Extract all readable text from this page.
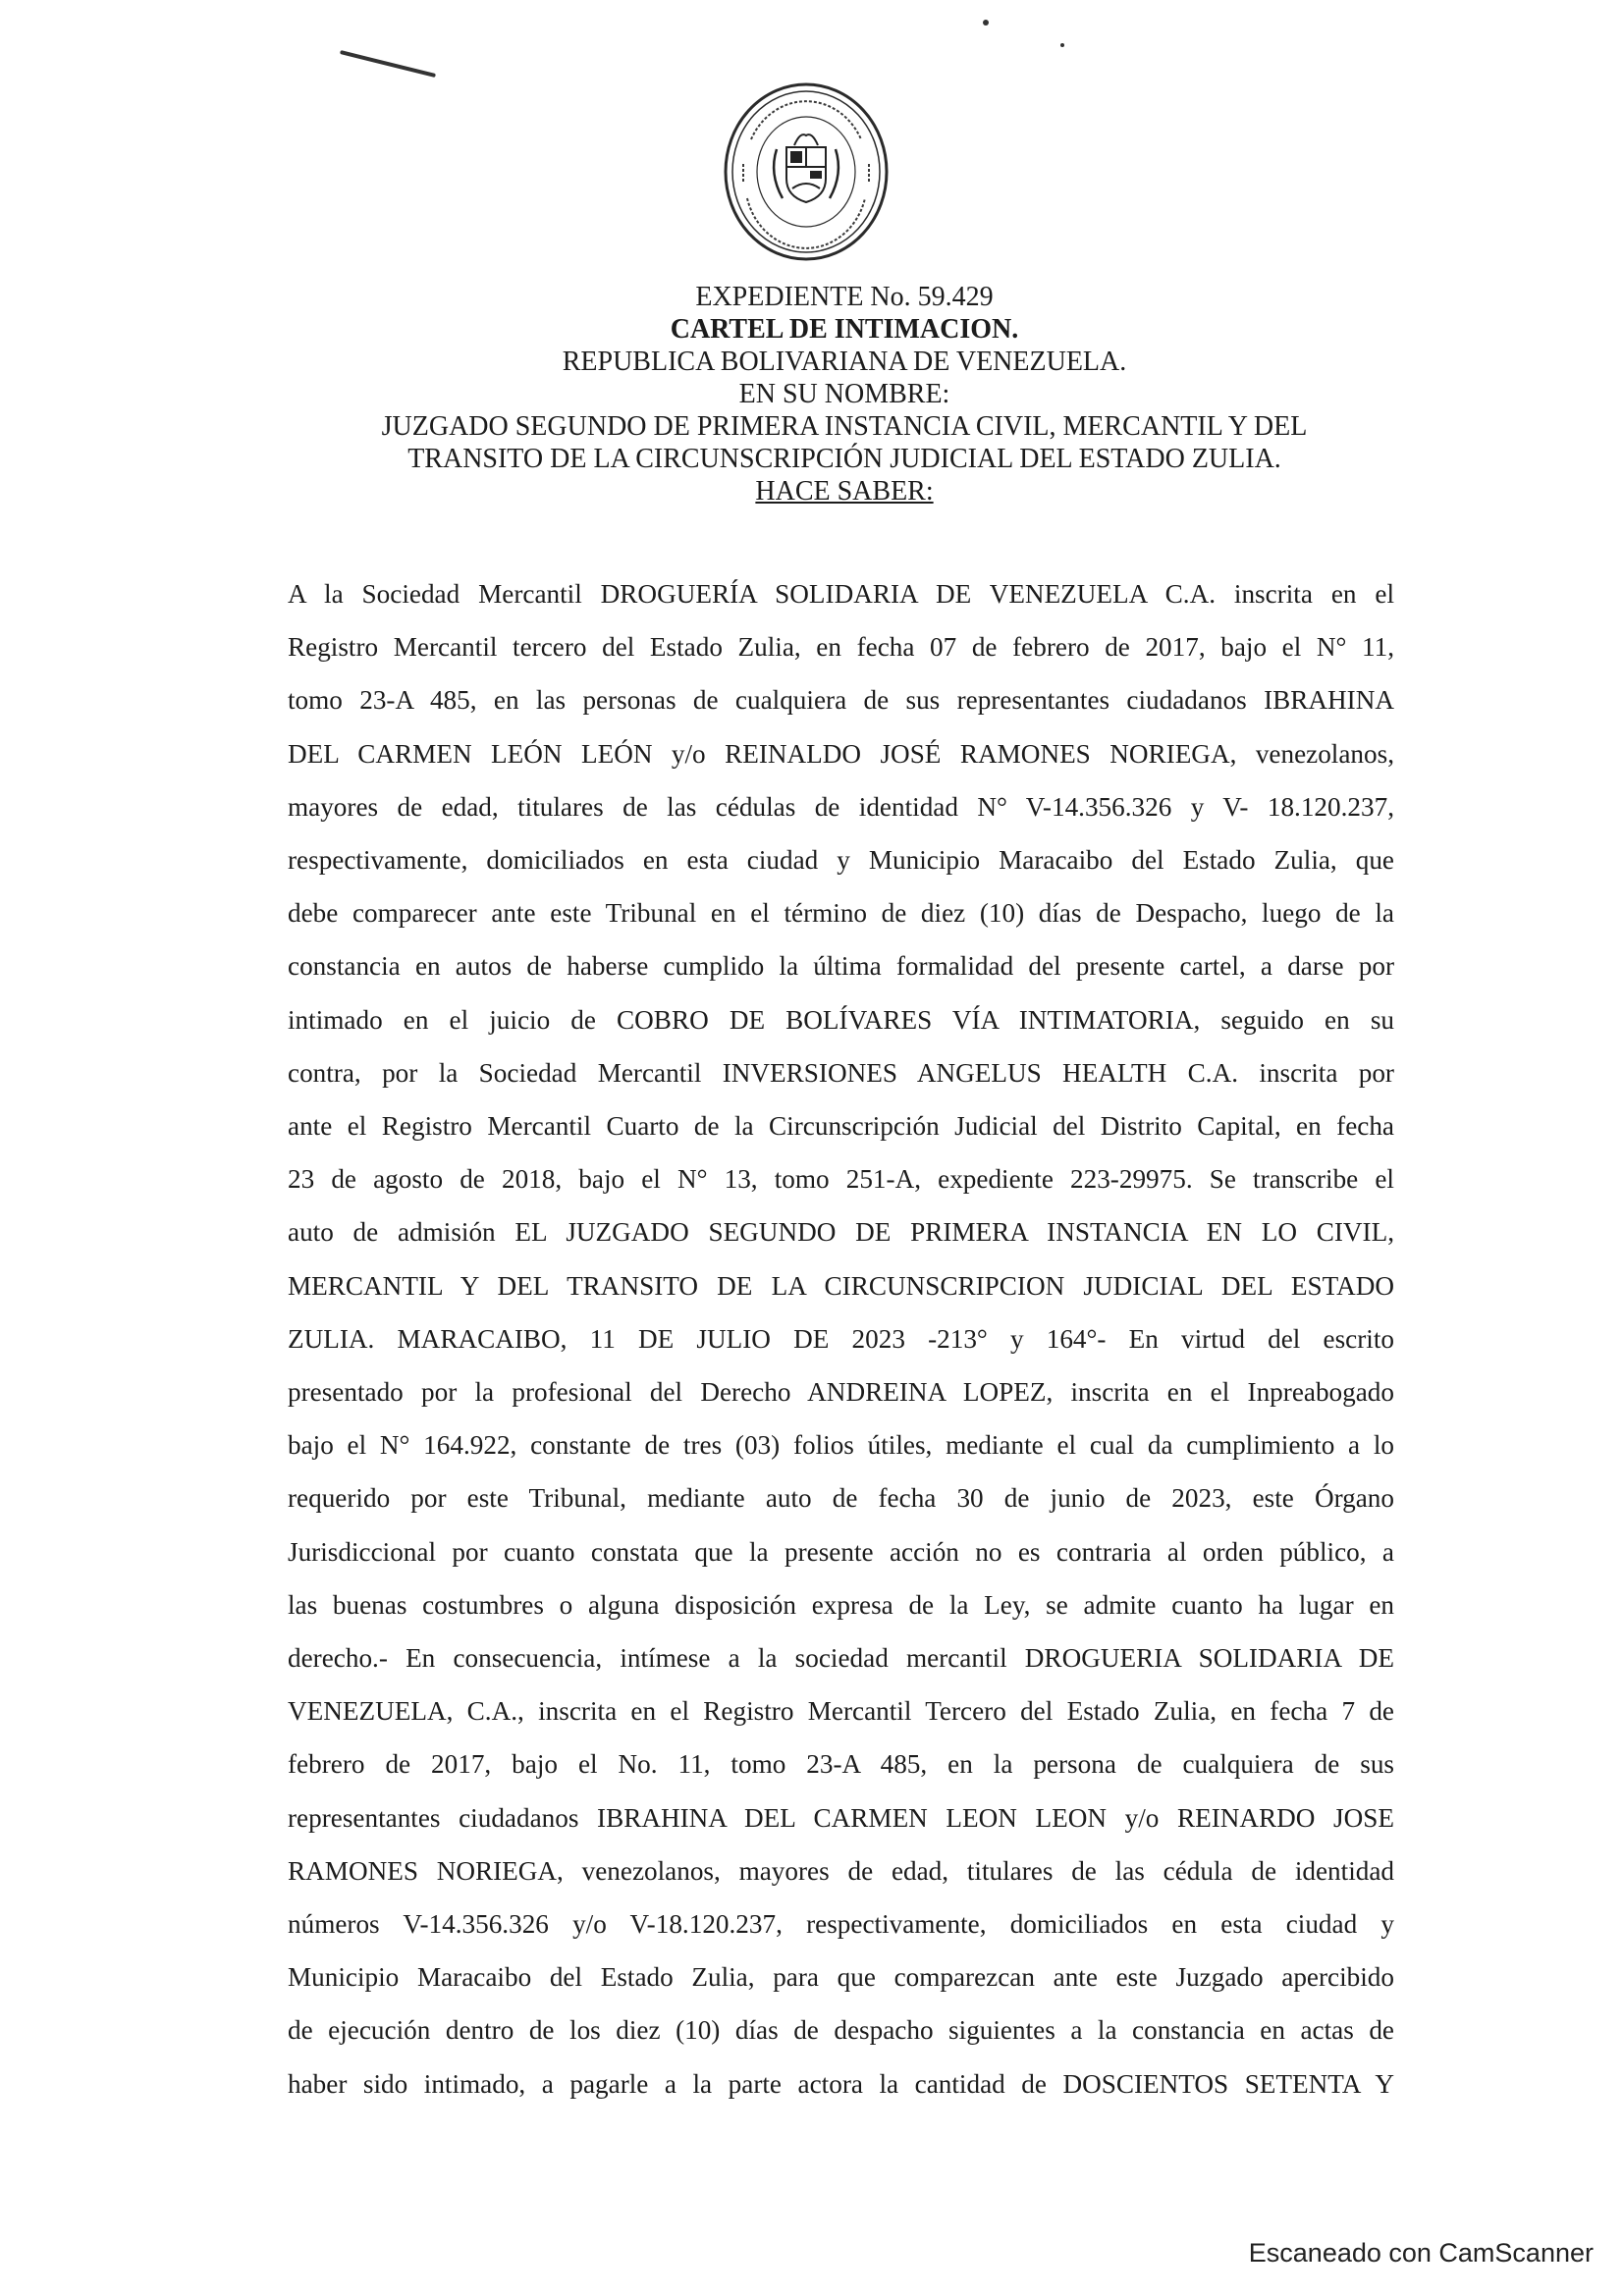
EXPEDIENTE No. 59.429
CARTEL DE INTIMACION.
REPUBLICA BOLIVARIANA DE VENEZUELA.
EN SU NOMBRE:
JUZGADO SEGUNDO DE PRIMERA INSTANCIA CIVIL, MERCANTIL Y DEL
TRANSITO DE LA CIRCUNSCRIPCIÓN JUDICIAL DEL ESTADO ZULIA.
HACE SABER:
A la Sociedad Mercantil DROGUERÍA SOLIDARIA DE VENEZUELA C.A. inscrita en el
Registro Mercantil tercero del Estado Zulia, en fecha 07 de febrero de 2017, bajo el N° 11,
tomo 23-A 485, en las personas de cualquiera de sus representantes ciudadanos IBRAHINA
DEL CARMEN LEÓN LEÓN y/o REINALDO JOSÉ RAMONES NORIEGA, venezolanos,
mayores de edad, titulares de las cédulas de identidad N° V-14.356.326 y V- 18.120.237,
respectivamente, domiciliados en esta ciudad y Municipio Maracaibo del Estado Zulia, que
debe comparecer ante este Tribunal en el término de diez (10) días de Despacho, luego de la
constancia en autos de haberse cumplido la última formalidad del presente cartel, a darse por
intimado en el juicio de COBRO DE BOLÍVARES VÍA INTIMATORIA, seguido en su
contra, por la Sociedad Mercantil INVERSIONES ANGELUS HEALTH C.A. inscrita por
ante el Registro Mercantil Cuarto de la Circunscripción Judicial del Distrito Capital, en fecha
23 de agosto de 2018, bajo el N° 13, tomo 251-A, expediente 223-29975. Se transcribe el
auto de admisión EL JUZGADO SEGUNDO DE PRIMERA INSTANCIA EN LO CIVIL,
MERCANTIL Y DEL TRANSITO DE LA CIRCUNSCRIPCION JUDICIAL DEL ESTADO
ZULIA. MARACAIBO, 11 DE JULIO DE 2023 -213° y 164°- En virtud del escrito
presentado por la profesional del Derecho ANDREINA LOPEZ, inscrita en el Inpreabogado
bajo el N° 164.922, constante de tres (03) folios útiles, mediante el cual da cumplimiento a lo
requerido por este Tribunal, mediante auto de fecha 30 de junio de 2023, este Órgano
Jurisdiccional por cuanto constata que la presente acción no es contraria al orden público, a
las buenas costumbres o alguna disposición expresa de la Ley, se admite cuanto ha lugar en
derecho.- En consecuencia, intímese a la sociedad mercantil DROGUERIA SOLIDARIA DE
VENEZUELA, C.A., inscrita en el Registro Mercantil Tercero del Estado Zulia, en fecha 7 de
febrero de 2017, bajo el No. 11, tomo 23-A 485, en la persona de cualquiera de sus
representantes ciudadanos IBRAHINA DEL CARMEN LEON LEON y/o REINARDO JOSE
RAMONES NORIEGA, venezolanos, mayores de edad, titulares de las cédula de identidad
números V-14.356.326 y/o V-18.120.237, respectivamente, domiciliados en esta ciudad y
Municipio Maracaibo del Estado Zulia, para que comparezcan ante este Juzgado apercibido
de ejecución dentro de los diez (10) días de despacho siguientes a la constancia en actas de
haber sido intimado, a pagarle a la parte actora la cantidad de DOSCIENTOS SETENTA Y
Escaneado con CamScanner
